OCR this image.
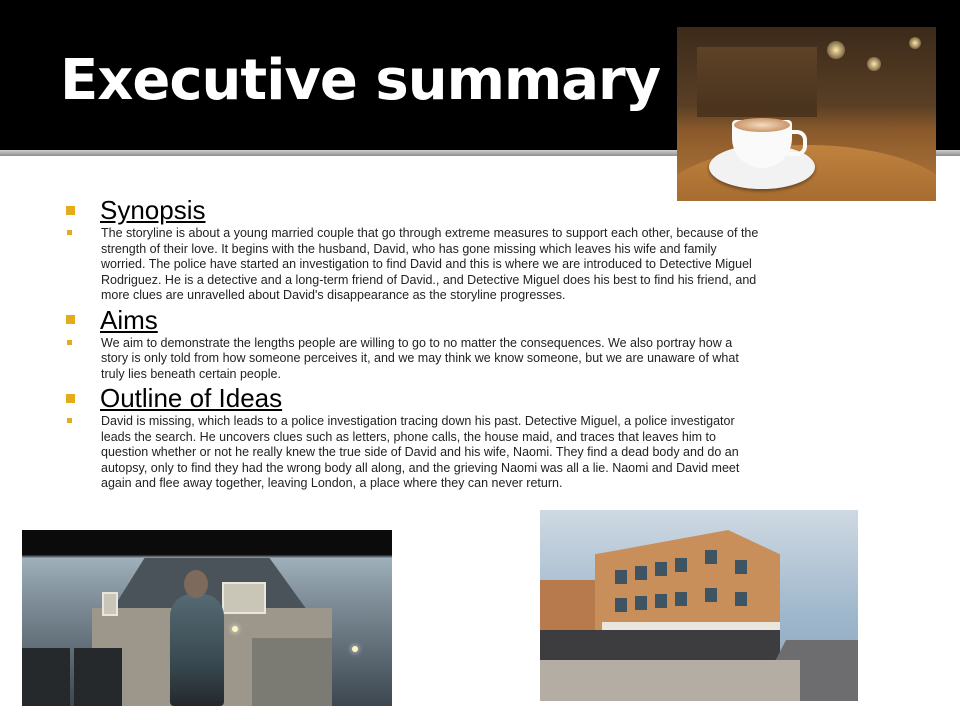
Executive summary

Synopsis

The storyline is about a young married couple that go through extreme measures to support each other, because of the strength of their love. It begins with the husband, David, who has gone missing which leaves his wife and family worried. The police have started an investigation to find David and this is where we are introduced to Detective Miguel Rodriguez. He is a detective and a long-term friend of David., and Detective Miguel does his best to find his friend, and more clues are unravelled about David's disappearance as the storyline progresses.

Aims

We aim to demonstrate the lengths people are willing to go to no matter the consequences. We also portray how a story is only told from how someone perceives it, and we may think we know someone, but we are unaware of what truly lies beneath certain people.

Outline of Ideas

David is missing, which leads to a police investigation tracing down his past. Detective Miguel, a police investigator leads the search. He uncovers clues such as letters, phone calls, the house maid, and traces that leaves him to question whether or not he really knew the true side of David and his wife, Naomi. They find a dead body and do an autopsy, only to find they had the wrong body all along, and the grieving Naomi was all a lie. Naomi and David meet again and flee away together, leaving London, a place where they can never return.
